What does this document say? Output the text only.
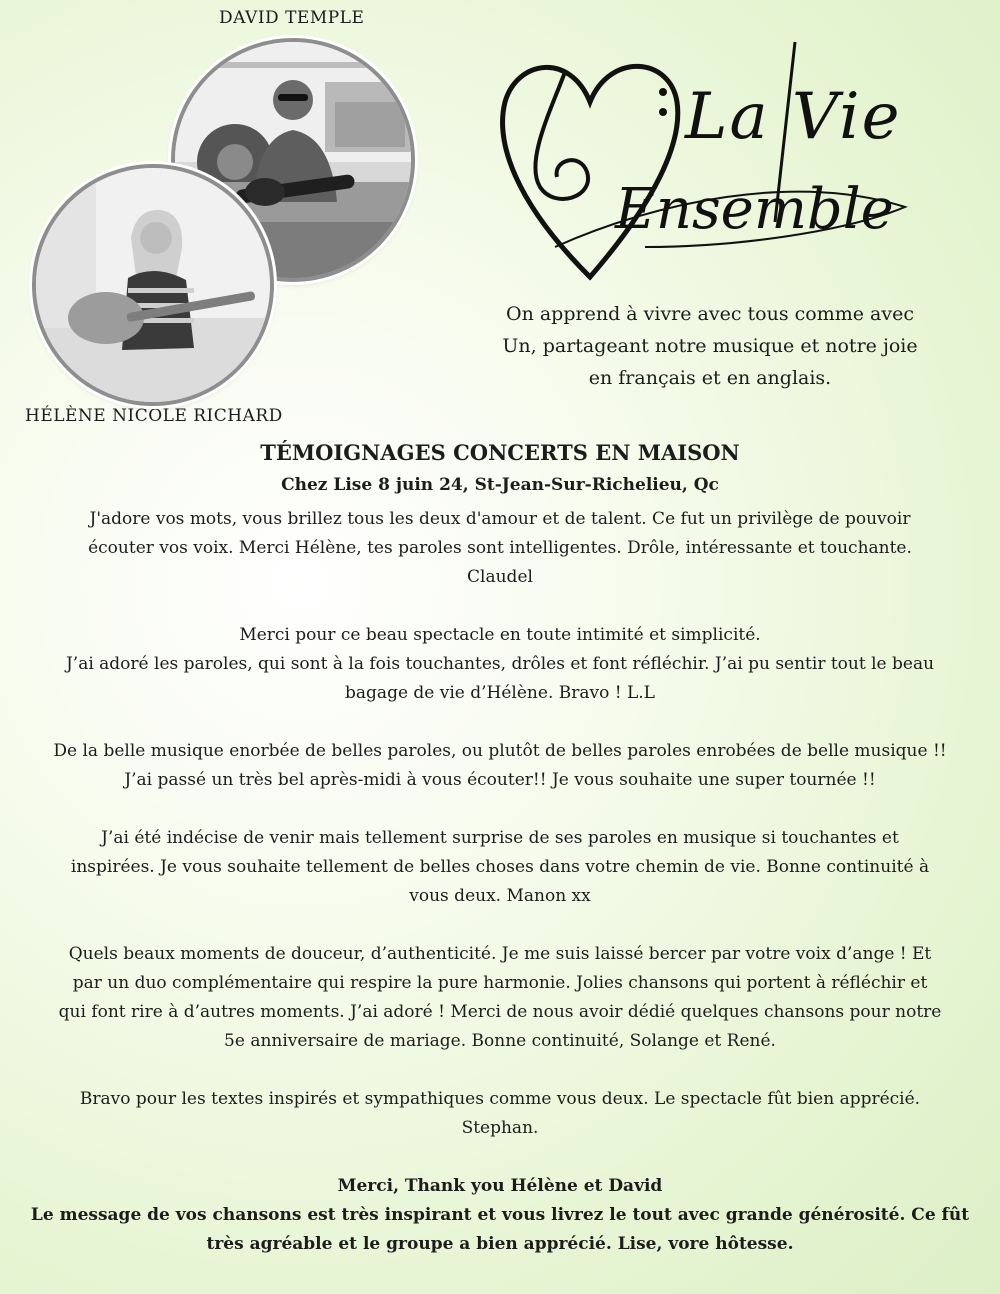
DAVID TEMPLE
HÉLÈNE NICOLE RICHARD
La Vie
Ensemble
On apprend à vivre avec tous comme avec
Un, partageant notre musique et notre joie
en français et en anglais.
TÉMOIGNAGES CONCERTS EN MAISON
Chez Lise 8 juin 24, St-Jean-Sur-Richelieu, Qc

J'adore vos mots, vous brillez tous les deux d'amour et de talent. Ce fut un privilège de pouvoir

écouter vos voix. Merci Hélène, tes paroles sont intelligentes. Drôle, intéressante et touchante.

Claudel

Merci pour ce beau spectacle en toute intimité et simplicité.

J’ai adoré les paroles, qui sont à la fois touchantes, drôles et font réfléchir. J’ai pu sentir tout le beau

bagage de vie d’Hélène. Bravo ! L.L

De la belle musique enorbée de belles paroles, ou plutôt de belles paroles enrobées de belle musique !!

J’ai passé un très bel après-midi à vous écouter!! Je vous souhaite une super tournée !!

J’ai été indécise de venir mais tellement surprise de ses paroles en musique si touchantes et

inspirées. Je vous souhaite tellement de belles choses dans votre chemin de vie. Bonne continuité à

vous deux. Manon xx

Quels beaux moments de douceur, d’authenticité. Je me suis laissé bercer par votre voix d’ange ! Et

par un duo complémentaire qui respire la pure harmonie. Jolies chansons qui portent à réfléchir et

qui font rire à d’autres moments. J’ai adoré ! Merci de nous avoir dédié quelques chansons pour notre

5e anniversaire de mariage. Bonne continuité, Solange et René.

Bravo pour les textes inspirés et sympathiques comme vous deux. Le spectacle fût bien apprécié.

Stephan.

Merci, Thank you Hélène et David

Le message de vos chansons est très inspirant et vous livrez le tout avec grande générosité. Ce fût

très agréable et le groupe a bien apprécié. Lise, vore hôtesse.
